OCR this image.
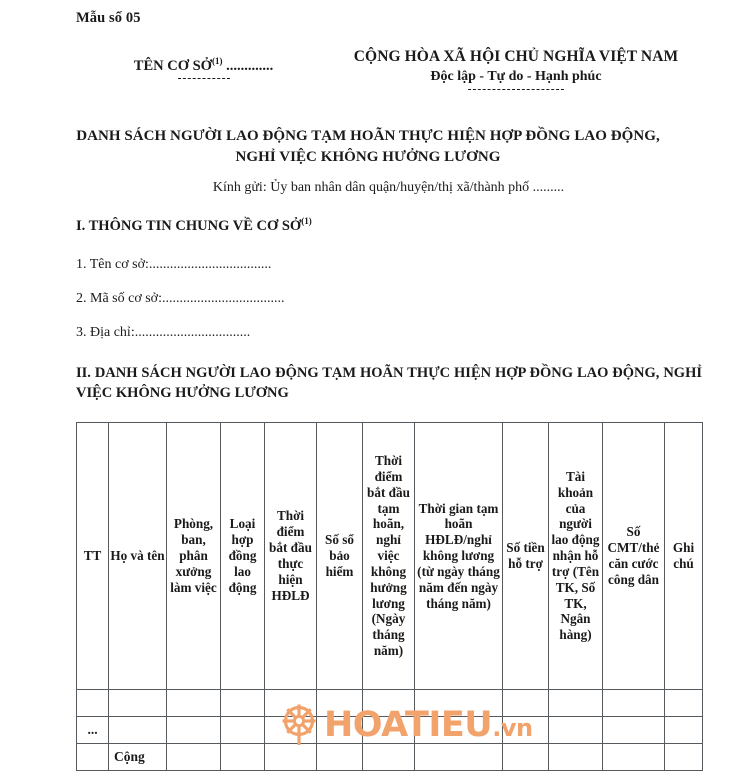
Mẫu số 05
TÊN CƠ SỞ$^{(1)}$ .............
CỘNG HÒA XÃ HỘI CHỦ NGHĨA VIỆT NAM
Độc lập - Tự do - Hạnh phúc
DANH SÁCH NGƯỜI LAO ĐỘNG TẠM HOÃN THỰC HIỆN HỢP ĐỒNG LAO ĐỘNG,
NGHỈ VIỆC KHÔNG HƯỞNG LƯƠNG
Kính gửi: Ủy ban nhân dân quận/huyện/thị xã/thành phố .........
I. THÔNG TIN CHUNG VỀ CƠ SỞ$^{(1)}$
1. Tên cơ sở:...................................
2. Mã số cơ sở:...................................
3. Địa chỉ:.................................
II. DANH SÁCH NGƯỜI LAO ĐỘNG TẠM HOÃN THỰC HIỆN HỢP ĐỒNG LAO ĐỘNG, NGHỈ VIỆC KHÔNG HƯỞNG LƯƠNG
TT	Họ và tên	Phòng, ban, phân xưởng làm việc	Loại hợp đồng lao động	Thời điểm bắt đầu thực hiện HĐLĐ	Số sổ bảo hiểm	Thời điểm bắt đầu tạm hoãn, nghỉ việc không hưởng lương (Ngày tháng năm)	Thời gian tạm hoãn HĐLĐ/nghỉ không lương (từ ngày tháng năm đến ngày tháng năm)	Số tiền hỗ trợ	Tài khoản của người lao động nhận hỗ trợ (Tên TK, Số TK, Ngân hàng)	Số CMT/thẻ căn cước công dân	Ghi chú

...											
	Cộng										
HOATIEU.vn
